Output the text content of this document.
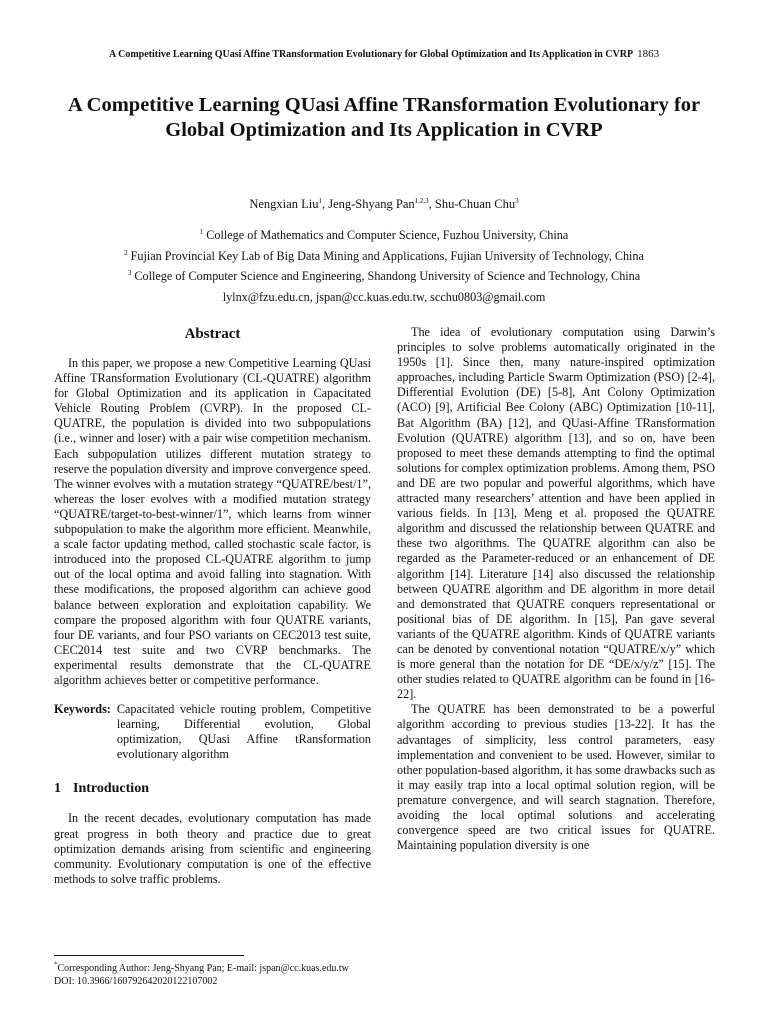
A Competitive Learning QUasi Affine TRansformation Evolutionary for Global Optimization and Its Application in CVRP 1863
A Competitive Learning QUasi Affine TRansformation Evolutionary for Global Optimization and Its Application in CVRP
Nengxian Liu$^1$, Jeng-Shyang Pan$^{1,2,3}$, Shu-Chuan Chu$^3$
$^1$ College of Mathematics and Computer Science, Fuzhou University, China
$^2$ Fujian Provincial Key Lab of Big Data Mining and Applications, Fujian University of Technology, China
$^3$ College of Computer Science and Engineering, Shandong University of Science and Technology, China
lylnx@fzu.edu.cn, jspan@cc.kuas.edu.tw, scchu0803@gmail.com
Abstract

In this paper, we propose a new Competitive Learning QUasi Affine TRansformation Evolutionary (CL-QUATRE) algorithm for Global Optimization and its application in Capacitated Vehicle Routing Problem (CVRP). In the proposed CL-QUATRE, the population is divided into two subpopulations (i.e., winner and loser) with a pair wise competition mechanism. Each subpopulation utilizes different mutation strategy to reserve the population diversity and improve convergence speed. The winner evolves with a mutation strategy “QUATRE/best/1”, whereas the loser evolves with a modified mutation strategy “QUATRE/target-to-best-winner/1”, which learns from winner subpopulation to make the algorithm more efficient. Meanwhile, a scale factor updating method, called stochastic scale factor, is introduced into the proposed CL-QUATRE algorithm to jump out of the local optima and avoid falling into stagnation. With these modifications, the proposed algorithm can achieve good balance between exploration and exploitation capability. We compare the proposed algorithm with four QUATRE variants, four DE variants, and four PSO variants on CEC2013 test suite, CEC2014 test suite and two CVRP benchmarks. The experimental results demonstrate that the CL-QUATRE algorithm achieves better or competitive performance.

Keywords: Capacitated vehicle routing problem, Competitive learning, Differential evolution, Global optimization, QUasi Affine tRansformation evolutionary algorithm
1 Introduction

In the recent decades, evolutionary computation has made great progress in both theory and practice due to great optimization demands arising from scientific and engineering community. Evolutionary computation is one of the effective methods to solve traffic problems.

The idea of evolutionary computation using Darwin’s principles to solve problems automatically originated in the 1950s [1]. Since then, many nature-inspired optimization approaches, including Particle Swarm Optimization (PSO) [2-4], Differential Evolution (DE) [5-8], Ant Colony Optimization (ACO) [9], Artificial Bee Colony (ABC) Optimization [10-11], Bat Algorithm (BA) [12], and QUasi-Affine TRansformation Evolution (QUATRE) algorithm [13], and so on, have been proposed to meet these demands attempting to find the optimal solutions for complex optimization problems. Among them, PSO and DE are two popular and powerful algorithms, which have attracted many researchers’ attention and have been applied in various fields. In [13], Meng et al. proposed the QUATRE algorithm and discussed the relationship between QUATRE and these two algorithms. The QUATRE algorithm can also be regarded as the Parameter-reduced or an enhancement of DE algorithm [14]. Literature [14] also discussed the relationship between QUATRE algorithm and DE algorithm in more detail and demonstrated that QUATRE conquers representational or positional bias of DE algorithm. In [15], Pan gave several variants of the QUATRE algorithm. Kinds of QUATRE variants can be denoted by conventional notation “QUATRE/x/y” which is more general than the notation for DE “DE/x/y/z” [15]. The other studies related to QUATRE algorithm can be found in [16-22].

The QUATRE has been demonstrated to be a powerful algorithm according to previous studies [13-22]. It has the advantages of simplicity, less control parameters, easy implementation and convenient to be used. However, similar to other population-based algorithm, it has some drawbacks such as it may easily trap into a local optimal solution region, will be premature convergence, and will search stagnation. Therefore, avoiding the local optimal solutions and accelerating convergence speed are two critical issues for QUATRE. Maintaining population diversity is one

*Corresponding Author: Jeng-Shyang Pan; E-mail: jspan@cc.kuas.edu.tw
DOI: 10.3966/160792642020122107002
